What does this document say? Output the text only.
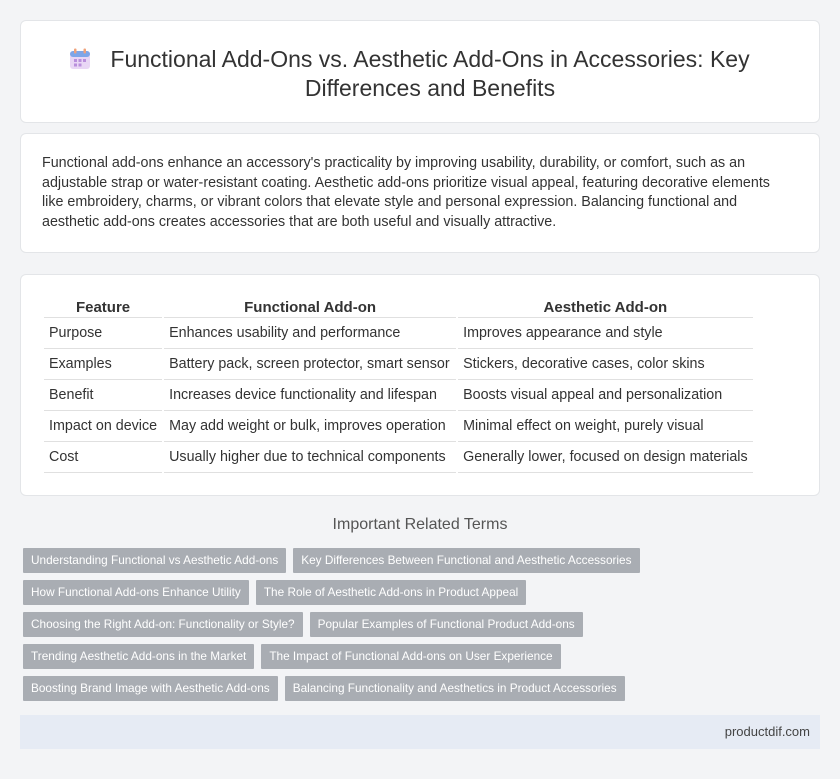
Functional Add-Ons vs. Aesthetic Add-Ons in Accessories: Key Differences and Benefits

Functional add-ons enhance an accessory's practicality by improving usability, durability, or comfort, such as an adjustable strap or water-resistant coating. Aesthetic add-ons prioritize visual appeal, featuring decorative elements like embroidery, charms, or vibrant colors that elevate style and personal expression. Balancing functional and aesthetic add-ons creates accessories that are both useful and visually attractive.

Feature	Functional Add-on	Aesthetic Add-on
Purpose	Enhances usability and performance	Improves appearance and style
Examples	Battery pack, screen protector, smart sensor	Stickers, decorative cases, color skins
Benefit	Increases device functionality and lifespan	Boosts visual appeal and personalization
Impact on device	May add weight or bulk, improves operation	Minimal effect on weight, purely visual
Cost	Usually higher due to technical components	Generally lower, focused on design materials
Important Related Terms
Understanding Functional vs Aesthetic Add-ons	Key Differences Between Functional and Aesthetic Accessories
How Functional Add-ons Enhance Utility	The Role of Aesthetic Add-ons in Product Appeal
Choosing the Right Add-on: Functionality or Style?	Popular Examples of Functional Product Add-ons
Trending Aesthetic Add-ons in the Market	The Impact of Functional Add-ons on User Experience
Boosting Brand Image with Aesthetic Add-ons	Balancing Functionality and Aesthetics in Product Accessories
productdif.com
